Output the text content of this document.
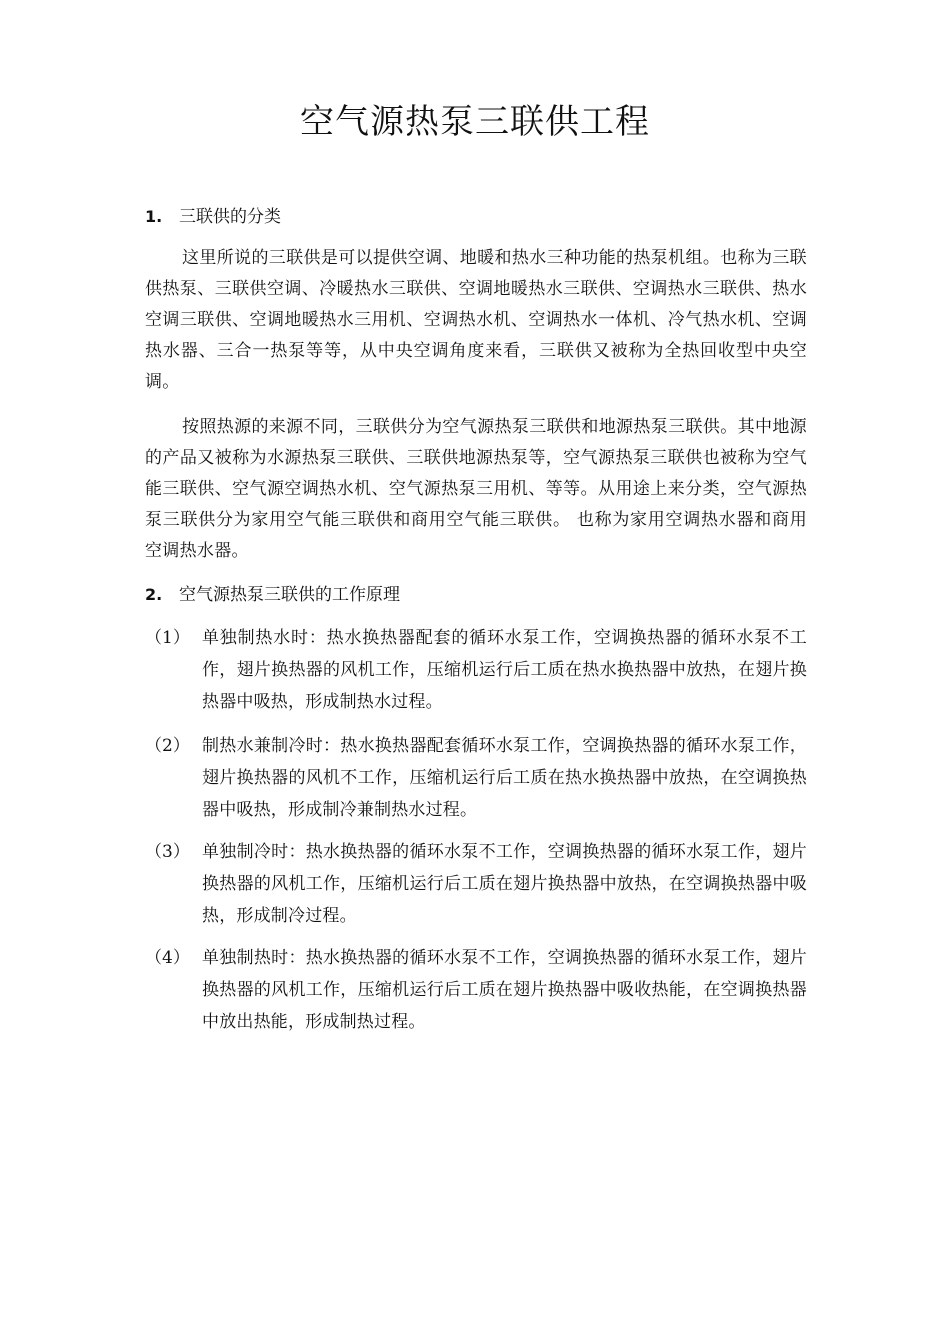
空气源热泵三联供工程
1. 三联供的分类

这里所说的三联供是可以提供空调、地暖和热水三种功能的热泵机组。也称为三联供热泵、三联供空调、冷暖热水三联供、空调地暖热水三联供、空调热水三联供、热水空调三联供、空调地暖热水三用机、空调热水机、空调热水一体机、冷气热水机、空调热水器、三合一热泵等等，从中央空调角度来看，三联供又被称为全热回收型中央空调。

按照热源的来源不同，三联供分为空气源热泵三联供和地源热泵三联供。其中地源的产品又被称为水源热泵三联供、三联供地源热泵等，空气源热泵三联供也被称为空气能三联供、空气源空调热水机、空气源热泵三用机、等等。从用途上来分类，空气源热泵三联供分为家用空气能三联供和商用空气能三联供。 也称为家用空调热水器和商用空调热水器。

2. 空气源热泵三联供的工作原理
（1） 单独制热水时：热水换热器配套的循环水泵工作，空调换热器的循环水泵不工作，翅片换热器的风机工作，压缩机运行后工质在热水换热器中放热，在翅片换热器中吸热，形成制热水过程。
（2） 制热水兼制冷时：热水换热器配套循环水泵工作，空调换热器的循环水泵工作，翅片换热器的风机不工作，压缩机运行后工质在热水换热器中放热，在空调换热器中吸热，形成制冷兼制热水过程。
（3） 单独制冷时：热水换热器的循环水泵不工作，空调换热器的循环水泵工作，翅片换热器的风机工作，压缩机运行后工质在翅片换热器中放热，在空调换热器中吸热，形成制冷过程。
（4） 单独制热时：热水换热器的循环水泵不工作，空调换热器的循环水泵工作，翅片换热器的风机工作，压缩机运行后工质在翅片换热器中吸收热能，在空调换热器中放出热能，形成制热过程。
